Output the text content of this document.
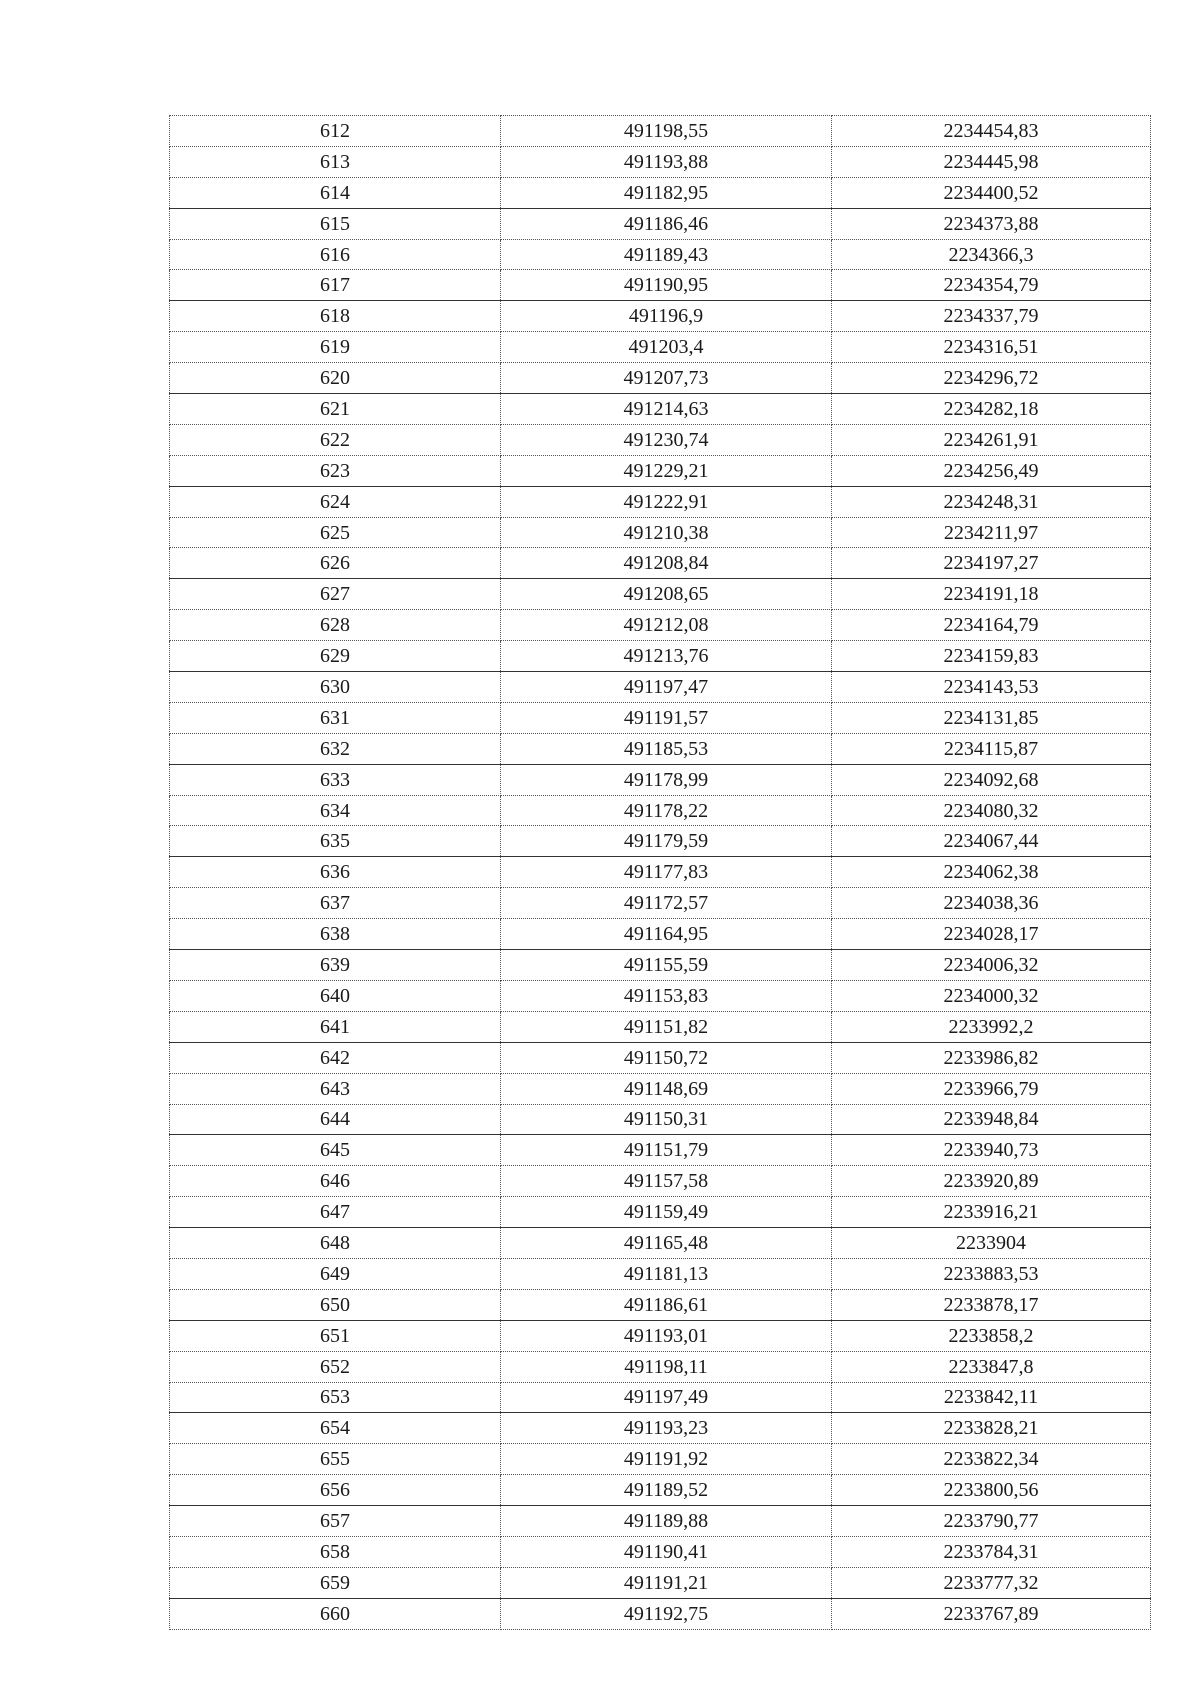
612	491198,55	2234454,83
613	491193,88	2234445,98
614	491182,95	2234400,52
615	491186,46	2234373,88
616	491189,43	2234366,3
617	491190,95	2234354,79
618	491196,9	2234337,79
619	491203,4	2234316,51
620	491207,73	2234296,72
621	491214,63	2234282,18
622	491230,74	2234261,91
623	491229,21	2234256,49
624	491222,91	2234248,31
625	491210,38	2234211,97
626	491208,84	2234197,27
627	491208,65	2234191,18
628	491212,08	2234164,79
629	491213,76	2234159,83
630	491197,47	2234143,53
631	491191,57	2234131,85
632	491185,53	2234115,87
633	491178,99	2234092,68
634	491178,22	2234080,32
635	491179,59	2234067,44
636	491177,83	2234062,38
637	491172,57	2234038,36
638	491164,95	2234028,17
639	491155,59	2234006,32
640	491153,83	2234000,32
641	491151,82	2233992,2
642	491150,72	2233986,82
643	491148,69	2233966,79
644	491150,31	2233948,84
645	491151,79	2233940,73
646	491157,58	2233920,89
647	491159,49	2233916,21
648	491165,48	2233904
649	491181,13	2233883,53
650	491186,61	2233878,17
651	491193,01	2233858,2
652	491198,11	2233847,8
653	491197,49	2233842,11
654	491193,23	2233828,21
655	491191,92	2233822,34
656	491189,52	2233800,56
657	491189,88	2233790,77
658	491190,41	2233784,31
659	491191,21	2233777,32
660	491192,75	2233767,89
